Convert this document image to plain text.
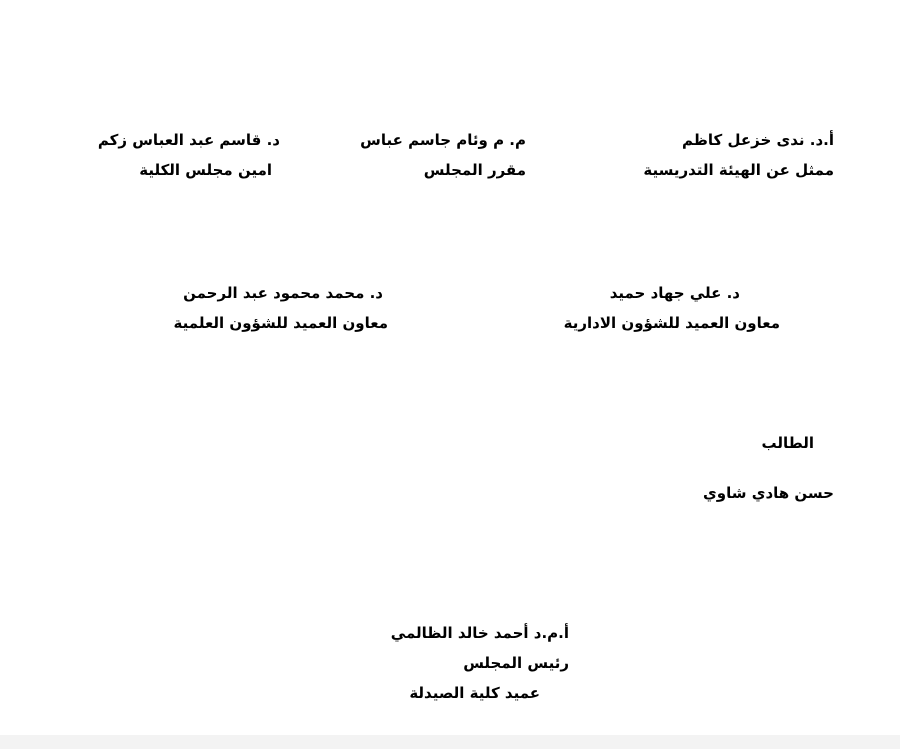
أ.د. ندى خزعل كاظم
ممثل عن الهيئة التدريسية
م. م وئام جاسم عباس
مقرر المجلس
د. قاسم عبد العباس زكم
امين مجلس الكلية
د. علي جهاد حميد
معاون العميد للشؤون الادارية
د. محمد محمود عبد الرحمن
معاون العميد للشؤون العلمية
الطالب
حسن هادي شاوي
أ.م.د أحمد خالد الظالمي
رئيس المجلس
عميد كلية الصيدلة
